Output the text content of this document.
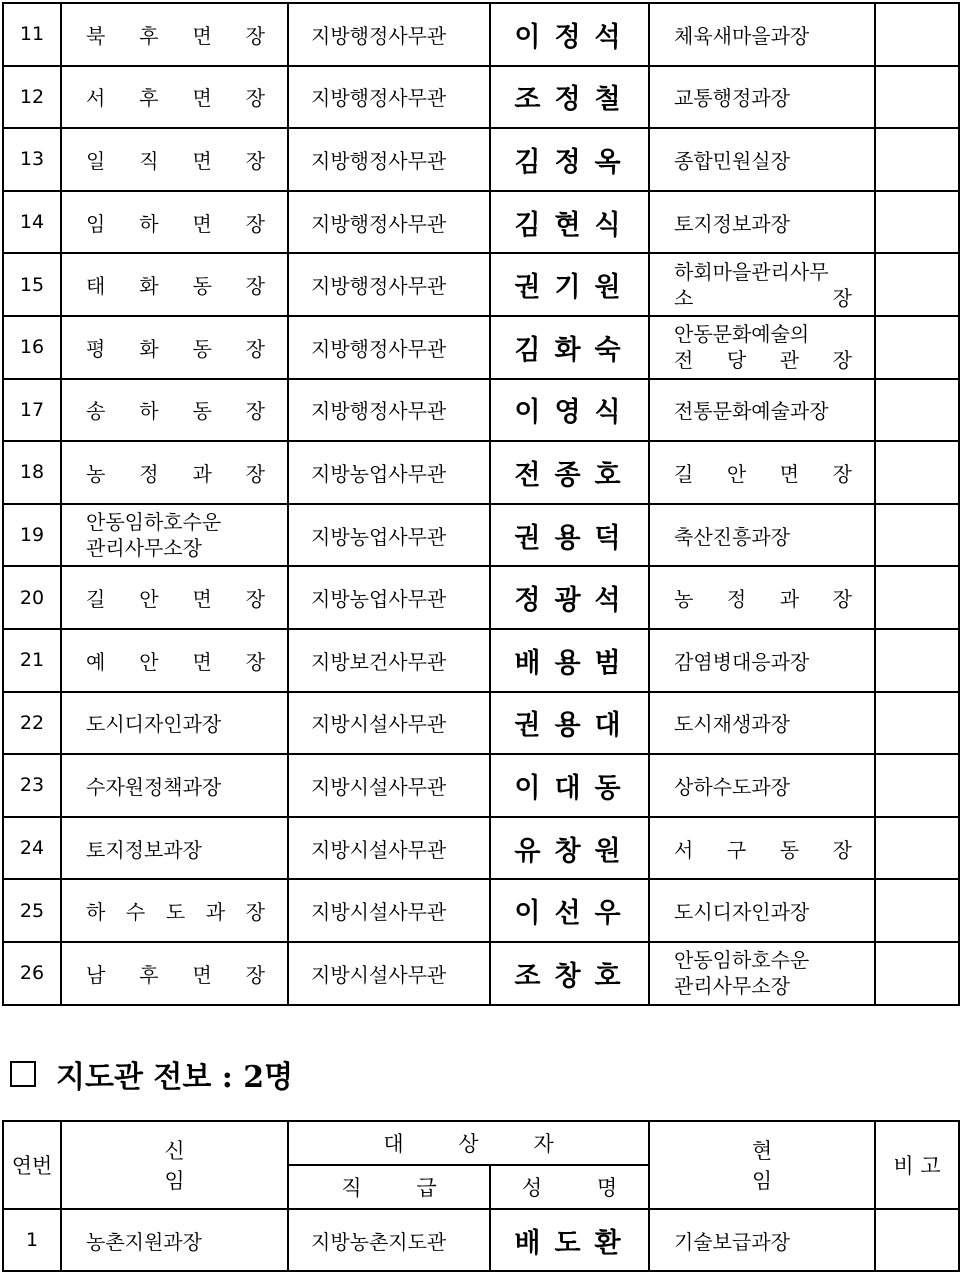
11	북 후 면 장	지방행정사무관	이정석	체육새마을과장	

12	서 후 면 장	지방행정사무관	조정철	교통행정과장	

13	일 직 면 장	지방행정사무관	김정옥	종합민원실장	

14	임 하 면 장	지방행정사무관	김현식	토지정보과장	

15	태 화 동 장	지방행정사무관	권기원	하회마을관리사무
소 장	

16	평 화 동 장	지방행정사무관	김화숙	안동문화예술의
전 당 관 장	

17	송 하 동 장	지방행정사무관	이영식	전통문화예술과장	

18	농 정 과 장	지방농업사무관	전종호	길 안 면 장	

19	안동임하호수운
관리사무소장	지방농업사무관	권용덕	축산진흥과장	

20	길 안 면 장	지방농업사무관	정광석	농 정 과 장	

21	예 안 면 장	지방보건사무관	배용범	감염병대응과장	

22	도시디자인과장	지방시설사무관	권용대	도시재생과장	

23	수자원정책과장	지방시설사무관	이대동	상하수도과장	

24	토지정보과장	지방시설사무관	유창원	서 구 동 장	

25	하 수 도 과 장	지방시설사무관	이선우	도시디자인과장	

26	남 후 면 장	지방시설사무관	조창호	안동임하호수운
관리사무소장	

지도관 전보 : 2명
연번	신 임	대 상 자		현 임	비 고
		직 급	성 명		
1	농촌지원과장	지방농촌지도관	배도환	기술보급과장	
